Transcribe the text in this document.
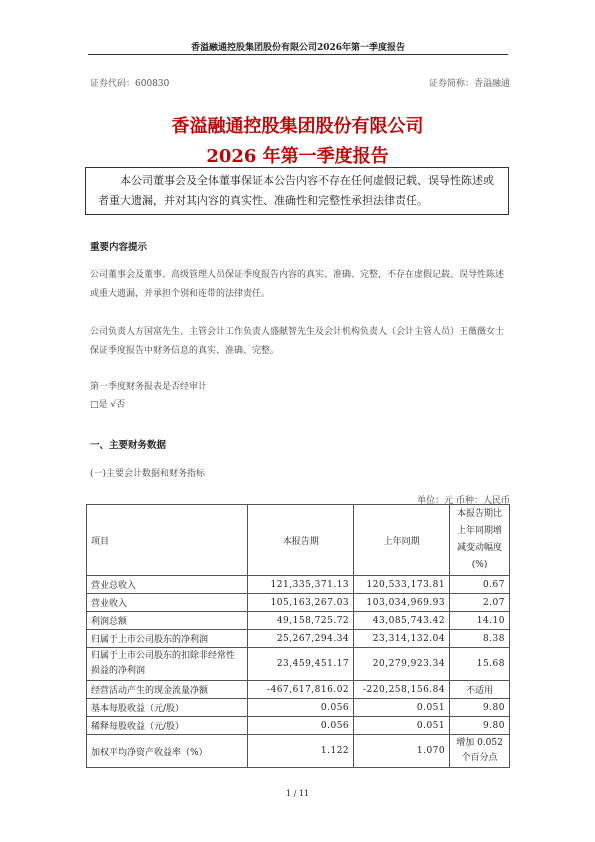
香溢融通控股集团股份有限公司2026年第一季度报告
证券代码：600830	证券简称：香溢融通
香溢融通控股集团股份有限公司
2026 年第一季度报告
本公司董事会及全体董事保证本公告内容不存在任何虚假记载、误导性陈述或者重大遗漏，并对其内容的真实性、准确性和完整性承担法律责任。
重要内容提示
公司董事会及董事、高级管理人员保证季度报告内容的真实、准确、完整，不存在虚假记载、误导性陈述或重大遗漏，并承担个别和连带的法律责任。
公司负责人方国富先生、主管会计工作负责人盛献智先生及会计机构负责人（会计主管人员）王薇薇女士保证季度报告中财务信息的真实、准确、完整。
第一季度财务报表是否经审计
□是 √否
一、主要财务数据
(一)主要会计数据和财务指标
单位：元 币种：人民币
项目	本报告期	上年同期	本报告期比上年同期增减变动幅度(%)
营业总收入	121,335,371.13	120,533,173.81	0.67
营业收入	105,163,267.03	103,034,969.93	2.07
利润总额	49,158,725.72	43,085,743.42	14.10
归属于上市公司股东的净利润	25,267,294.34	23,314,132.04	8.38
归属于上市公司股东的扣除非经常性损益的净利润	23,459,451.17	20,279,923.34	15.68
经营活动产生的现金流量净额	-467,617,816.02	-220,258,156.84	不适用
基本每股收益（元/股）	0.056	0.051	9.80
稀释每股收益（元/股）	0.056	0.051	9.80
加权平均净资产收益率（%）	1.122	1.070	增加 0.052 个百分点
1 / 11
